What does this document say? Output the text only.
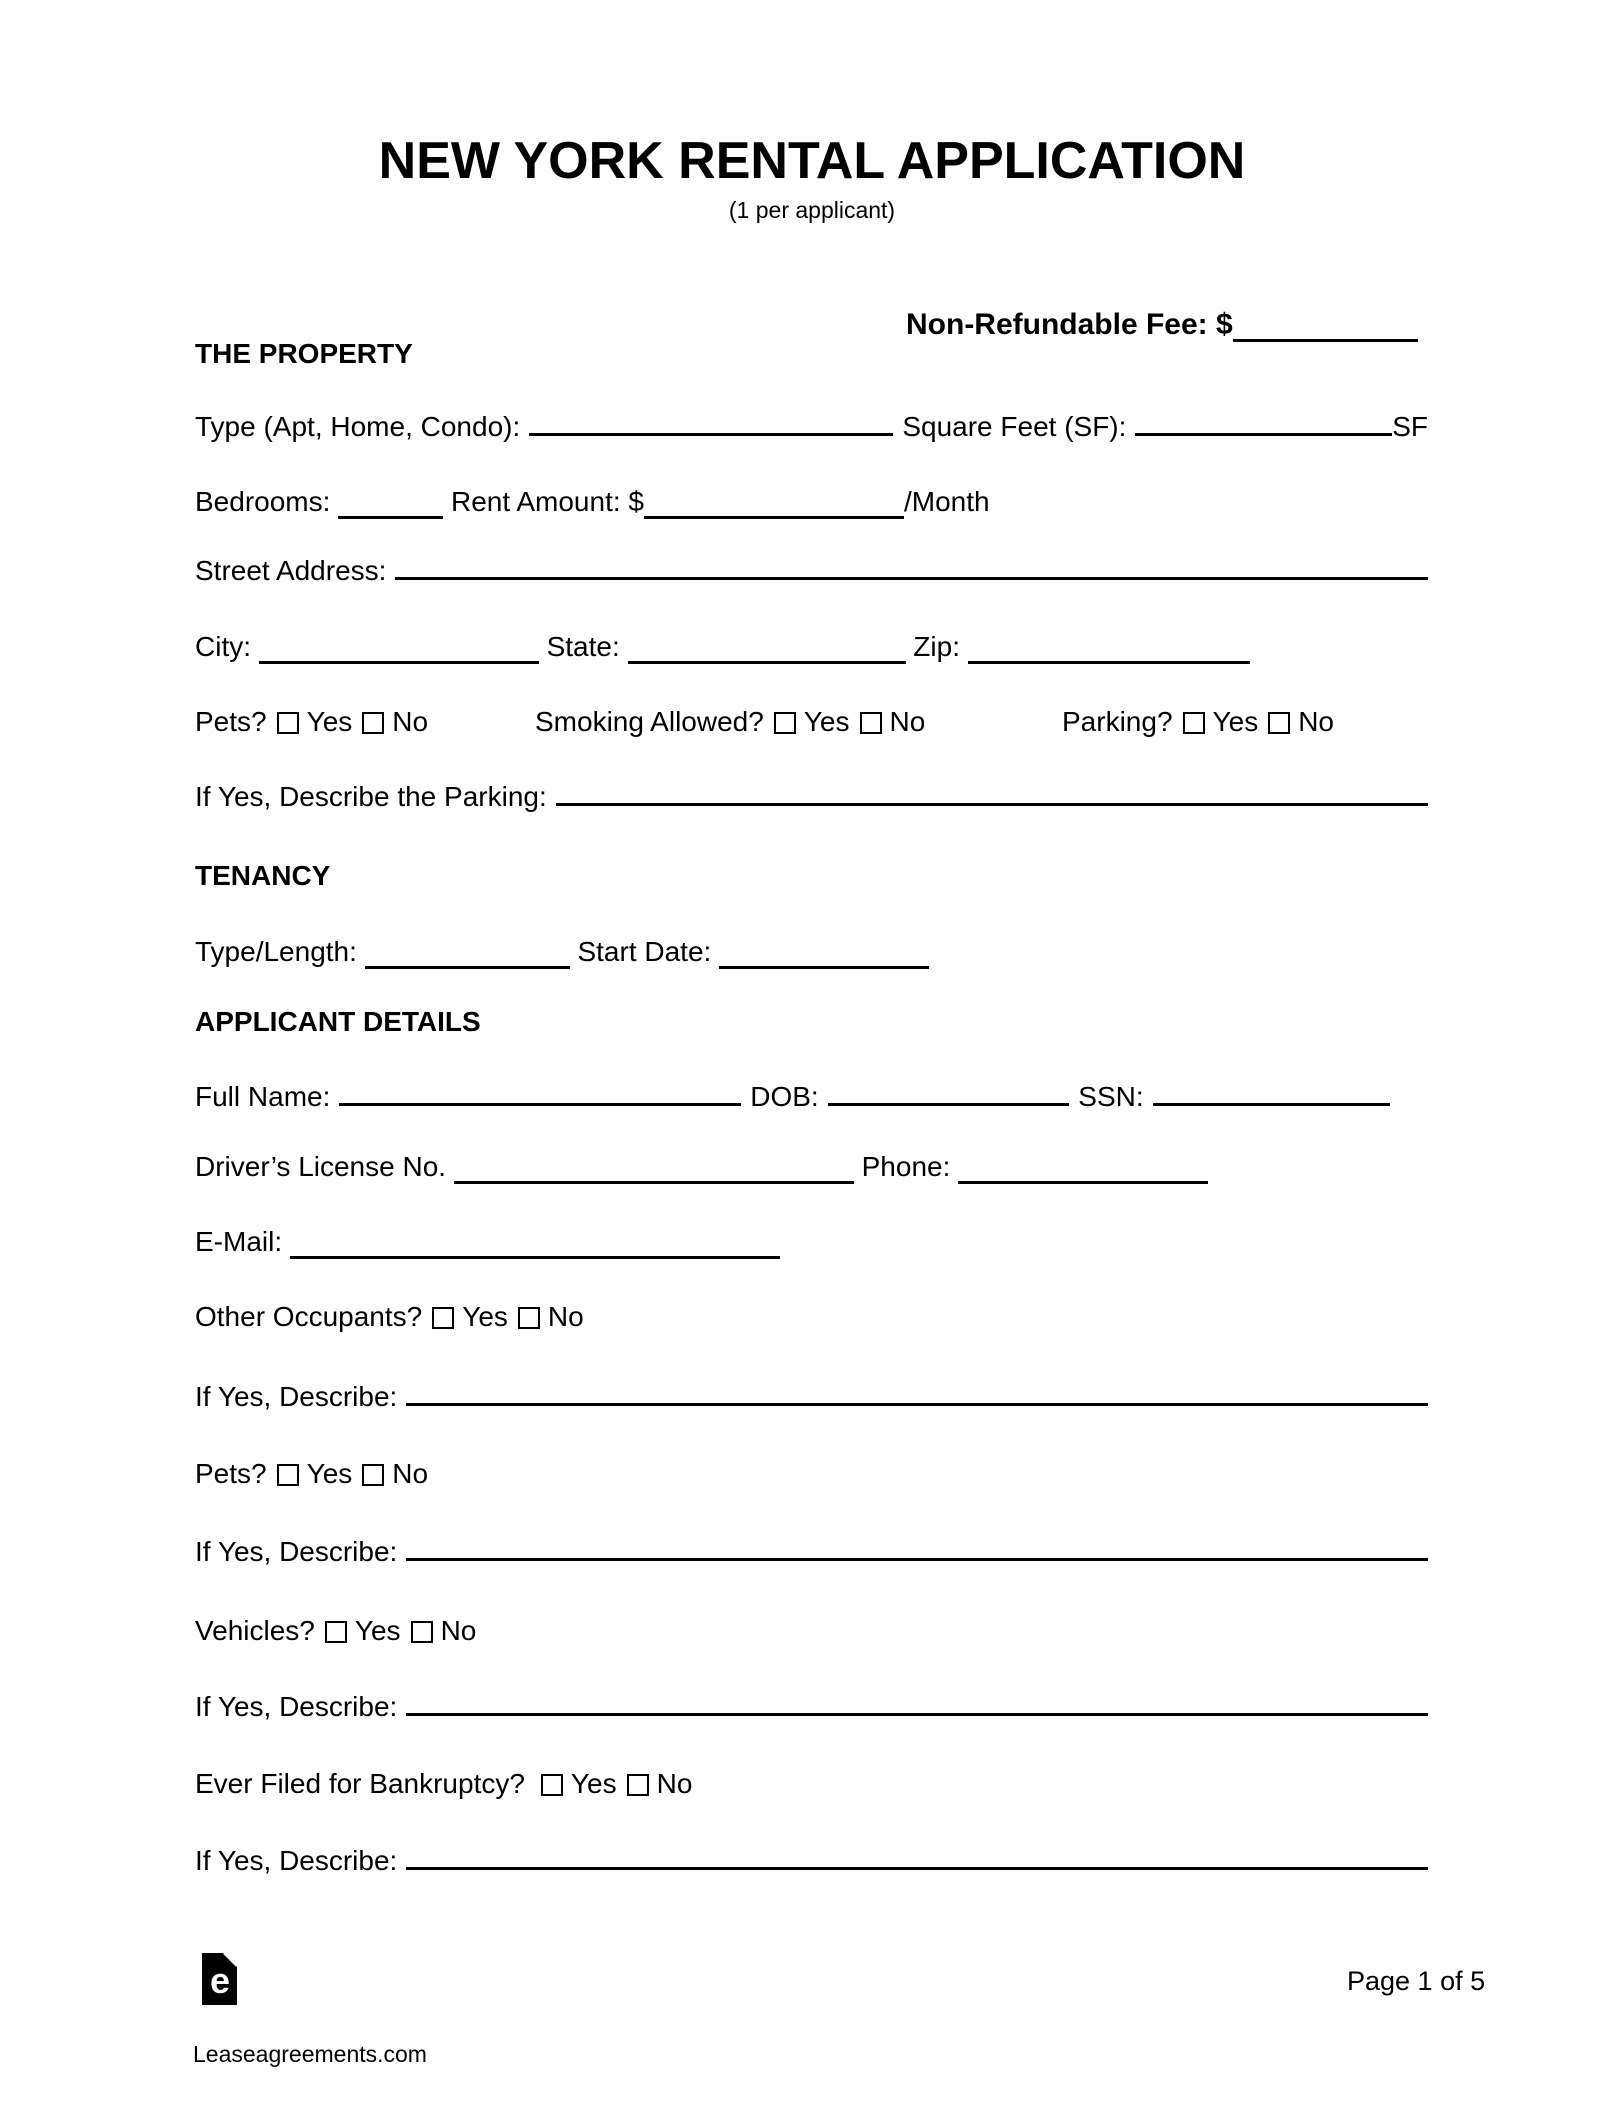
NEW YORK RENTAL APPLICATION
(1 per applicant)
Non-Refundable Fee: $
THE PROPERTY
Type (Apt, Home, Condo):	Square Feet (SF):	SF
Bedrooms:	Rent Amount: $	/Month
Street Address:
City:	State:	Zip:
Pets? Yes No	Smoking Allowed? Yes No	Parking? Yes No
If Yes, Describe the Parking:
TENANCY
Type/Length:	Start Date:
APPLICANT DETAILS
Full Name:	DOB:	SSN:
Driver’s License No.	Phone:
E-Mail:
Other Occupants? Yes No
If Yes, Describe:
Pets? Yes No
If Yes, Describe:
Vehicles? Yes No
If Yes, Describe:
Ever Filed for Bankruptcy? Yes No
If Yes, Describe:
e	Page 1 of 5
Leaseagreements.com
